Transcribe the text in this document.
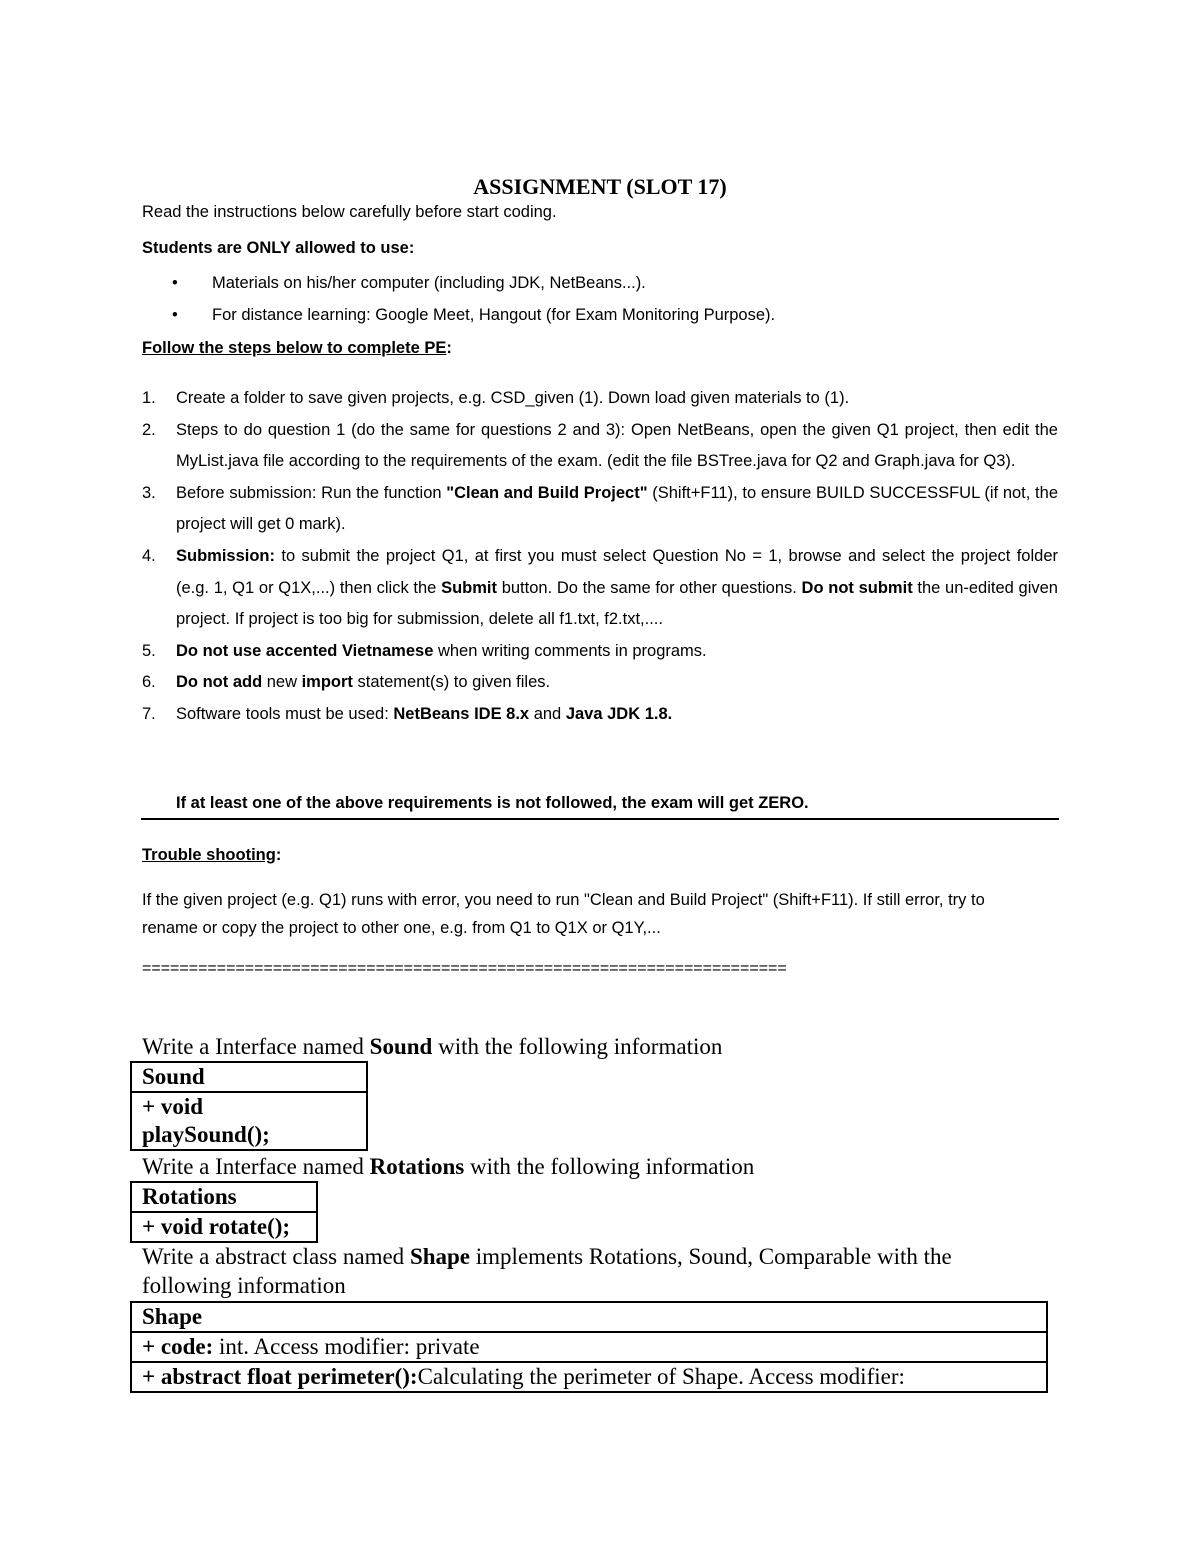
ASSIGNMENT (SLOT 17)
Read the instructions below carefully before start coding.
Students are ONLY allowed to use:
• Materials on his/her computer (including JDK, NetBeans...).
• For distance learning: Google Meet, Hangout (for Exam Monitoring Purpose).
Follow the steps below to complete PE:
1. Create a folder to save given projects, e.g. CSD_given (1). Down load given materials to (1).
2. Steps to do question 1 (do the same for questions 2 and 3): Open NetBeans, open the given Q1 project, then edit the MyList.java file according to the requirements of the exam. (edit the file BSTree.java for Q2 and Graph.java for Q3).
3. Before submission: Run the function "Clean and Build Project" (Shift+F11), to ensure BUILD SUCCESSFUL (if not, the project will get 0 mark).
4. Submission: to submit the project Q1, at first you must select Question No = 1, browse and select the project folder (e.g. 1, Q1 or Q1X,...) then click the Submit button. Do the same for other questions. Do not submit the un-edited given project. If project is too big for submission, delete all f1.txt, f2.txt,....
5. Do not use accented Vietnamese when writing comments in programs.
6. Do not add new import statement(s) to given files.
7. Software tools must be used: NetBeans IDE 8.x and Java JDK 1.8.
If at least one of the above requirements is not followed, the exam will get ZERO.
Trouble shooting:
If the given project (e.g. Q1) runs with error, you need to run "Clean and Build Project" (Shift+F11). If still error, try to rename or copy the project to other one, e.g. from Q1 to Q1X or Q1Y,...
=====================================================================
Write a Interface named Sound with the following information
Sound

+ void
playSound();
Write a Interface named Rotations with the following information
Rotations
+ void rotate();
Write a abstract class named Shape implements Rotations, Sound, Comparable with the
following information
Shape
+ code: int. Access modifier: private
+ abstract float perimeter():Calculating the perimeter of Shape. Access modifier:
